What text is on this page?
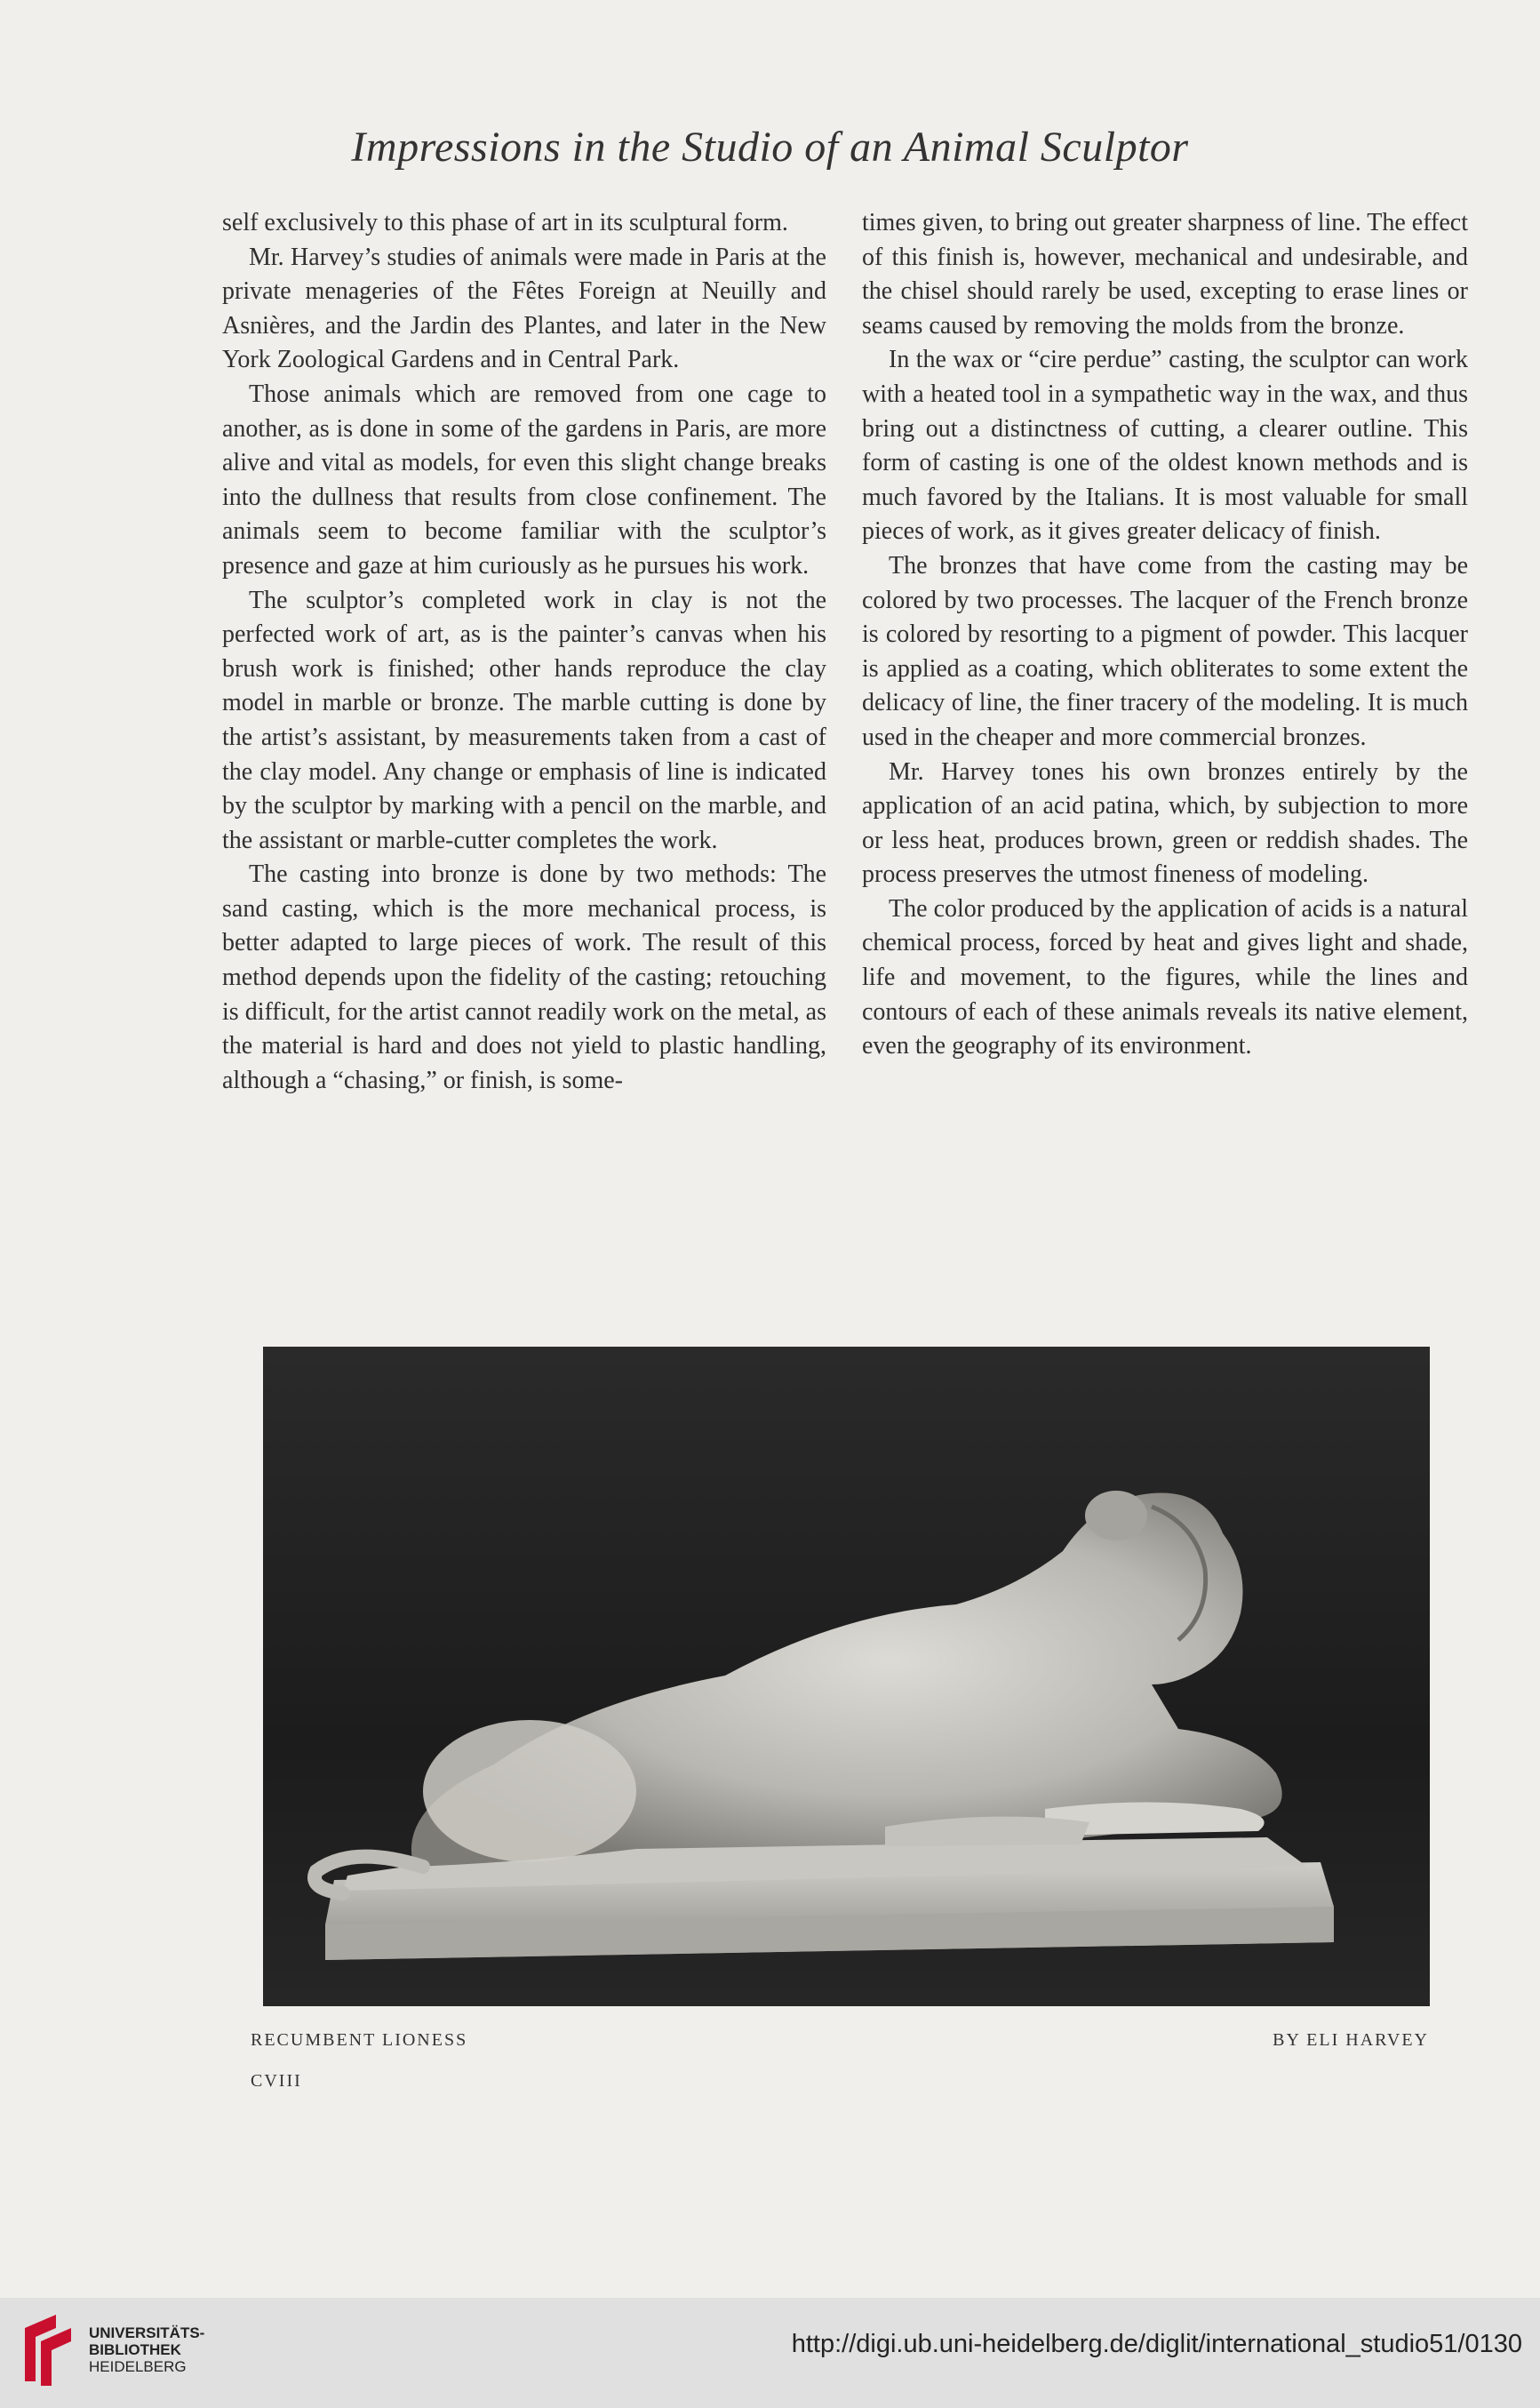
Impressions in the Studio of an Animal Sculptor

self exclusively to this phase of art in its sculptural form.

Mr. Harvey’s studies of animals were made in Paris at the private menageries of the Fêtes Foreign at Neuilly and Asnières, and the Jardin des Plantes, and later in the New York Zoological Gardens and in Central Park.

Those animals which are removed from one cage to another, as is done in some of the gardens in Paris, are more alive and vital as models, for even this slight change breaks into the dullness that results from close confinement. The animals seem to become familiar with the sculptor’s presence and gaze at him curiously as he pursues his work.

The sculptor’s completed work in clay is not the perfected work of art, as is the painter’s canvas when his brush work is finished; other hands reproduce the clay model in marble or bronze. The marble cutting is done by the artist’s assistant, by measurements taken from a cast of the clay model. Any change or emphasis of line is indicated by the sculptor by marking with a pencil on the marble, and the assistant or marble-cutter completes the work.

The casting into bronze is done by two methods: The sand casting, which is the more mechanical process, is better adapted to large pieces of work. The result of this method depends upon the fidelity of the casting; retouching is difficult, for the artist cannot readily work on the metal, as the material is hard and does not yield to plastic handling, although a “chasing,” or finish, is some-

times given, to bring out greater sharpness of line. The effect of this finish is, however, mechanical and undesirable, and the chisel should rarely be used, excepting to erase lines or seams caused by removing the molds from the bronze.

In the wax or “cire perdue” casting, the sculptor can work with a heated tool in a sympathetic way in the wax, and thus bring out a distinctness of cutting, a clearer outline. This form of casting is one of the oldest known methods and is much favored by the Italians. It is most valuable for small pieces of work, as it gives greater delicacy of finish.

The bronzes that have come from the casting may be colored by two processes. The lacquer of the French bronze is colored by resorting to a pigment of powder. This lacquer is applied as a coating, which obliterates to some extent the delicacy of line, the finer tracery of the modeling. It is much used in the cheaper and more commercial bronzes.

Mr. Harvey tones his own bronzes entirely by the application of an acid patina, which, by subjection to more or less heat, produces brown, green or reddish shades. The process preserves the utmost fineness of modeling.

The color produced by the application of acids is a natural chemical process, forced by heat and gives light and shade, life and movement, to the figures, while the lines and contours of each of these animals reveals its native element, even the geography of its environment.

RECUMBENT LIONESS	BY ELI HARVEY
CVIII
UNIVERSITÄTS-
BIBLIOTHEK
HEIDELBERG
http://digi.ub.uni-heidelberg.de/diglit/international_studio51/0130
